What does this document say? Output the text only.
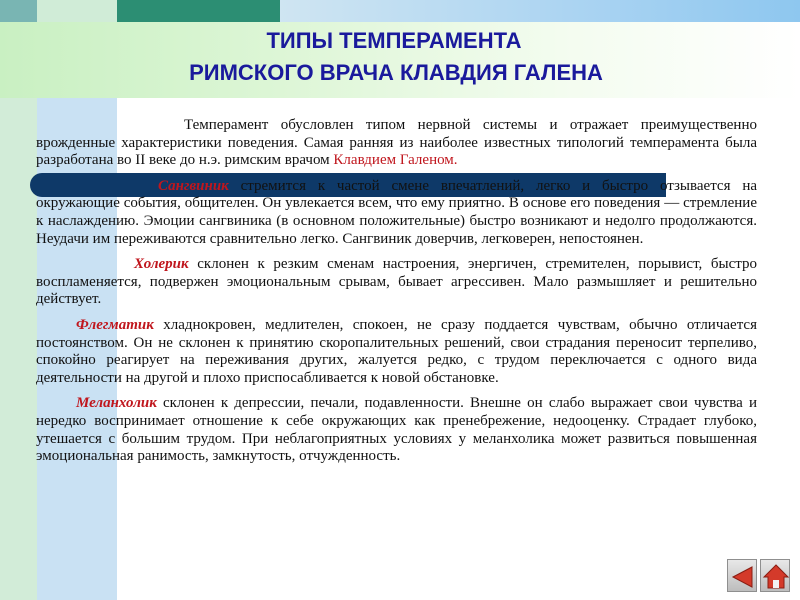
ТИПЫ ТЕМПЕРАМЕНТА
РИМСКОГО ВРАЧА КЛАВДИЯ ГАЛЕНА

Темперамент обусловлен типом нервной системы и отражает преимущественно врожденные характеристики поведения. Самая ранняя из наиболее известных типологий темперамента была разработана во II веке до н.э. римским врачом Клавдием Галеном.

Сангвиник стремится к частой смене впечатлений, легко и быстро отзывается на окружающие события, общителен. Он увлекается всем, что ему приятно. В основе его поведения — стремление к наслаждению. Эмоции сангвиника (в основном положительные) быстро возникают и недолго продолжаются. Неудачи им переживаются сравнительно легко. Сангвиник доверчив, легковерен, непостоянен.

Холерик склонен к резким сменам настроения, энергичен, стремителен, порывист, быстро воспламеняется, подвержен эмоциональным срывам, бывает агрессивен. Мало размышляет и решительно действует.

Флегматик хладнокровен, медлителен, спокоен, не сразу поддается чувствам, обычно отличается постоянством. Он не склонен к принятию скоропалительных решений, свои страдания переносит терпеливо, спокойно реагирует на переживания других, жалуется редко, с трудом переключается с одного вида деятельности на другой и плохо приспосабливается к новой обстановке.

Меланхолик склонен к депрессии, печали, подавленности. Внешне он слабо выражает свои чувства и нередко воспринимает отношение к себе окружающих как пренебрежение, недооценку. Страдает глубоко, утешается с большим трудом. При неблагоприятных условиях у меланхолика может развиться повышенная эмоциональная ранимость, замкнутость, отчужденность.
